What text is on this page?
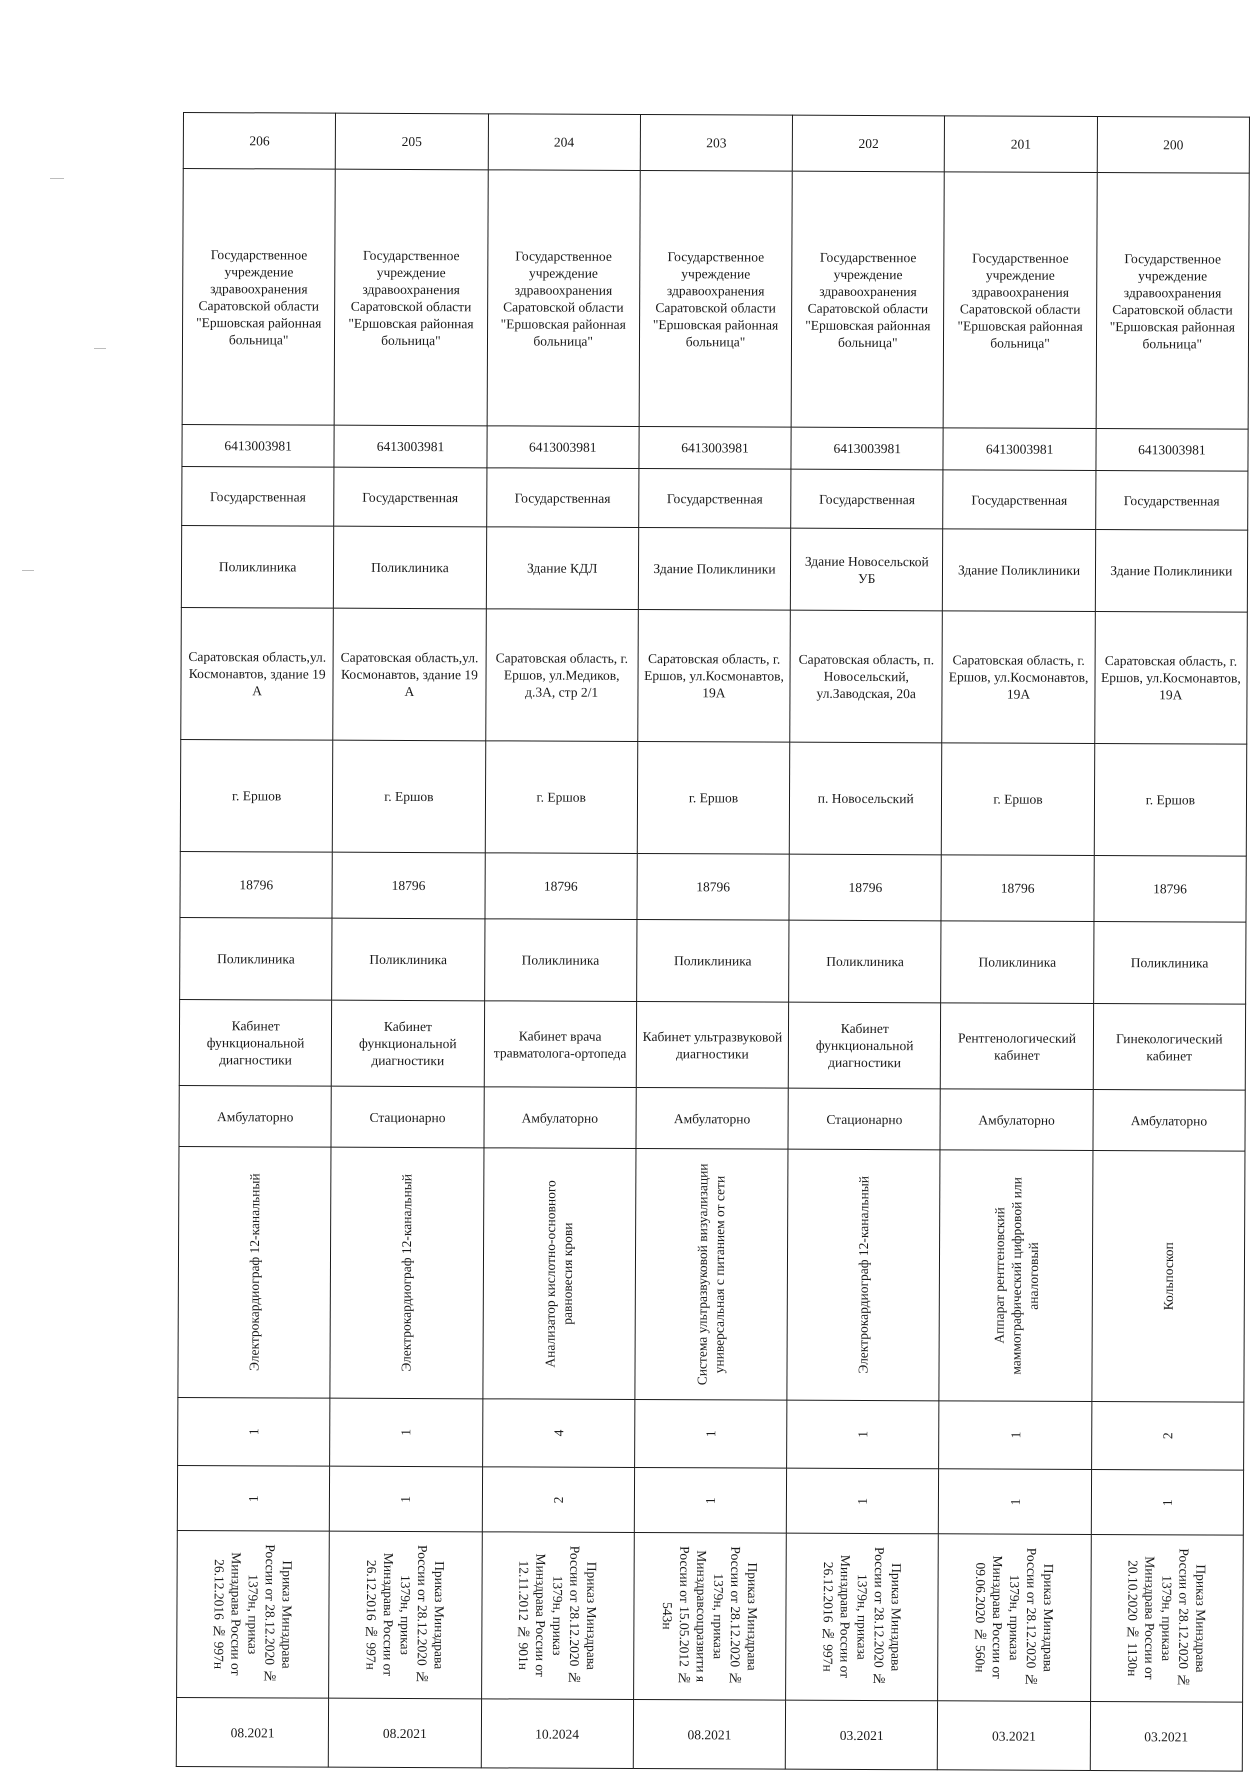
206	205	204	203	202	201	200
Государственное учреждение здравоохранения Саратовской области "Ершовская районная больница"	Государственное учреждение здравоохранения Саратовской области "Ершовская районная больница"	Государственное учреждение здравоохранения Саратовской области "Ершовская районная больница"	Государственное учреждение здравоохранения Саратовской области "Ершовская районная больница"	Государственное учреждение здравоохранения Саратовской области "Ершовская районная больница"	Государственное учреждение здравоохранения Саратовской области "Ершовская районная больница"	Государственное учреждение здравоохранения Саратовской области "Ершовская районная больница"
6413003981	6413003981	6413003981	6413003981	6413003981	6413003981	6413003981
Государственная	Государственная	Государственная	Государственная	Государственная	Государственная	Государственная
Поликлиника	Поликлиника	Здание КДЛ	Здание Поликлиники	Здание Новосельской УБ	Здание Поликлиники	Здание Поликлиники
Саратовская область,ул. Космонавтов, здание 19 А	Саратовская область,ул. Космонавтов, здание 19 А	Саратовская область, г. Ершов, ул.Медиков, д.3А, стр 2/1	Саратовская область, г. Ершов, ул.Космонавтов, 19А	Саратовская область, п. Новосельский, ул.Заводская, 20а	Саратовская область, г. Ершов, ул.Космонавтов, 19А	Саратовская область, г. Ершов, ул.Космонавтов, 19А
г. Ершов	г. Ершов	г. Ершов	г. Ершов	п. Новосельский	г. Ершов	г. Ершов
18796	18796	18796	18796	18796	18796	18796
Поликлиника	Поликлиника	Поликлиника	Поликлиника	Поликлиника	Поликлиника	Поликлиника
Кабинет функциональной диагностики	Кабинет функциональной диагностики	Кабинет врача травматолога-ортопеда	Кабинет ультразвуковой диагностики	Кабинет функциональной диагностики	Рентгенологический кабинет	Гинекологический кабинет
Амбулаторно	Стационарно	Амбулаторно	Амбулаторно	Стационарно	Амбулаторно	Амбулаторно

Электрокардиограф 12-канальный	Электрокардиограф 12-канальный	Анализатор кислотно-основного равновесия крови	Система ультразвуковой визуализации универсальная с питанием от сети	Электрокардиограф 12-канальный	Аппарат рентгеновский маммографический цифровой или аналоговый	Кольпоскоп

1	1	4	1	1	1	2

1	1	2	1	1	1	1

Приказ Минздрава России от 28.12.2020 № 1379н, приказ Минздрава России от 26.12.2016 № 997н	Приказ Минздрава России от 28.12.2020 № 1379н, приказ Минздрава России от 26.12.2016 № 997н	Приказ Минздрава России от 28.12.2020 № 1379н, приказ Минздрава России от 12.11.2012 № 901н	Приказ Минздрава России от 28.12.2020 № 1379н, приказа Минздравсоцразвити я России от 15.05.2012 № 543н	Приказ Минздрава России от 28.12.2020 № 1379н, приказа Минздрава России от 26.12.2016 № 997н	Приказ Минздрава России от 28.12.2020 № 1379н, приказа Минздрава России от 09.06.2020 № 560н	Приказ Минздрава России от 28.12.2020 № 1379н, приказа Минздрава России от 20.10.2020 № 1130н

08.2021	08.2021	10.2024	08.2021	03.2021	03.2021	03.2021
